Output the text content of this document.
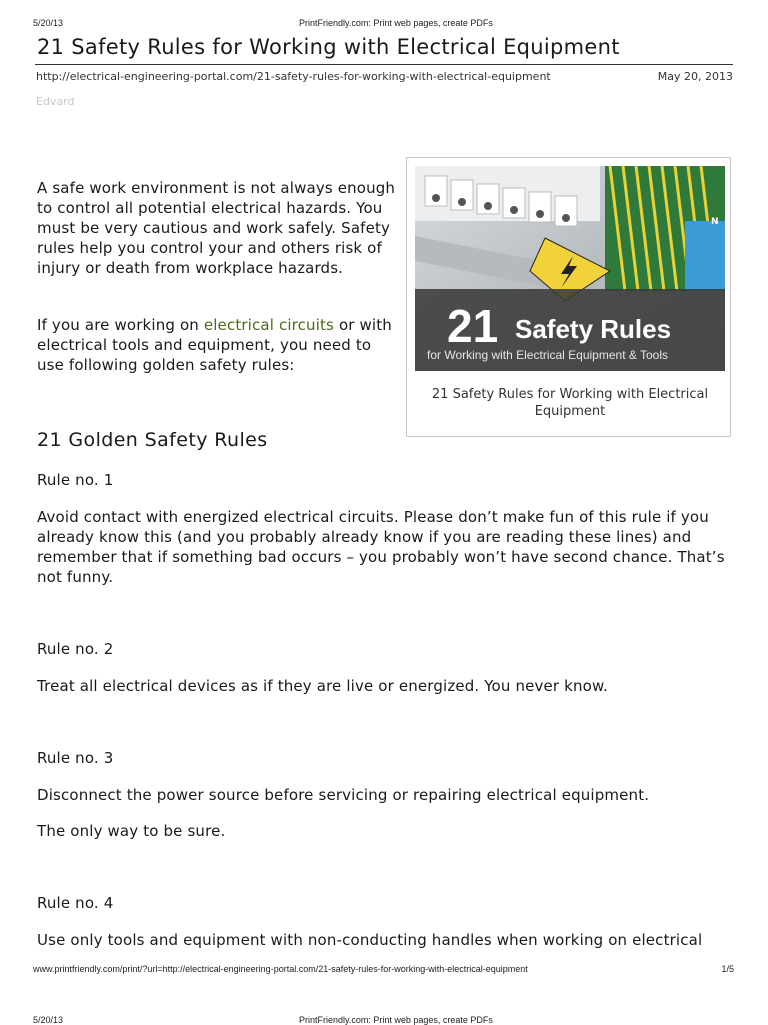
5/20/13	PrintFriendly.com: Print web pages, create PDFs
21 Safety Rules for Working with Electrical Equipment
http://electrical-engineering-portal.com/21-safety-rules-for-working-with-electrical-equipment	May 20, 2013
Edvard

A safe work environment is not always enough to control all potential electrical hazards. You must be very cautious and work safely. Safety rules help you control your and others risk of injury or death from workplace hazards.

If you are working on electrical circuits or with electrical tools and equipment, you need to use following golden safety rules:

N
21 Safety Rules
for Working with Electrical Equipment & Tools
21 Safety Rules for Working with Electrical Equipment
21 Golden Safety Rules
Rule no. 1

Avoid contact with energized electrical circuits. Please don’t make fun of this rule if you already know this (and you probably already know if you are reading these lines) and remember that if something bad occurs – you probably won’t have second chance. That’s not funny.

Rule no. 2

Treat all electrical devices as if they are live or energized. You never know.

Rule no. 3

Disconnect the power source before servicing or repairing electrical equipment.

The only way to be sure.

Rule no. 4

Use only tools and equipment with non-conducting handles when working on electrical

www.printfriendly.com/print/?url=http://electrical-engineering-portal.com/21-safety-rules-for-working-with-electrical-equipment	1/5
5/20/13	PrintFriendly.com: Print web pages, create PDFs
